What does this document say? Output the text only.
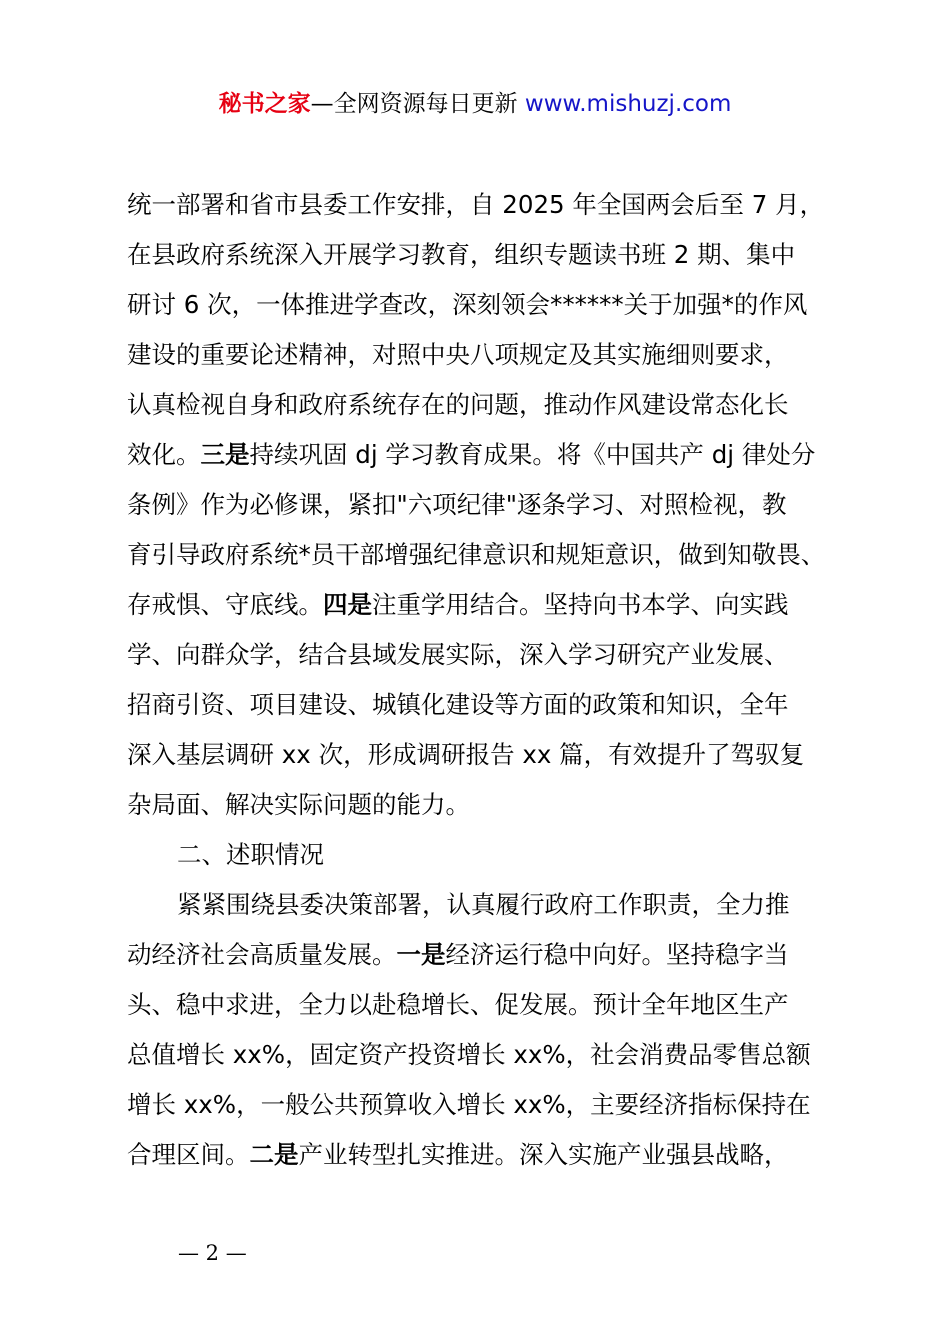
秘书之家—全网资源每日更新 www.mishuzj.com
统一部署和省市县委工作安排，自 2025 年全国两会后至 7 月，
在县政府系统深入开展学习教育，组织专题读书班 2 期、集中
研讨 6 次，一体推进学查改，深刻领会******关于加强*的作风
建设的重要论述精神，对照中央八项规定及其实施细则要求，
认真检视自身和政府系统存在的问题，推动作风建设常态化长
效化。三是持续巩固 dj 学习教育成果。将《中国共产 dj 律处分
条例》作为必修课，紧扣"六项纪律"逐条学习、对照检视，教
育引导政府系统*员干部增强纪律意识和规矩意识，做到知敬畏、
存戒惧、守底线。四是注重学用结合。坚持向书本学、向实践
学、向群众学，结合县域发展实际，深入学习研究产业发展、
招商引资、项目建设、城镇化建设等方面的政策和知识，全年
深入基层调研 xx 次，形成调研报告 xx 篇，有效提升了驾驭复
杂局面、解决实际问题的能力。
二、述职情况
紧紧围绕县委决策部署，认真履行政府工作职责，全力推
动经济社会高质量发展。一是经济运行稳中向好。坚持稳字当
头、稳中求进，全力以赴稳增长、促发展。预计全年地区生产
总值增长 xx%，固定资产投资增长 xx%，社会消费品零售总额
增长 xx%，一般公共预算收入增长 xx%，主要经济指标保持在
合理区间。二是产业转型扎实推进。深入实施产业强县战略，
— 2 —
